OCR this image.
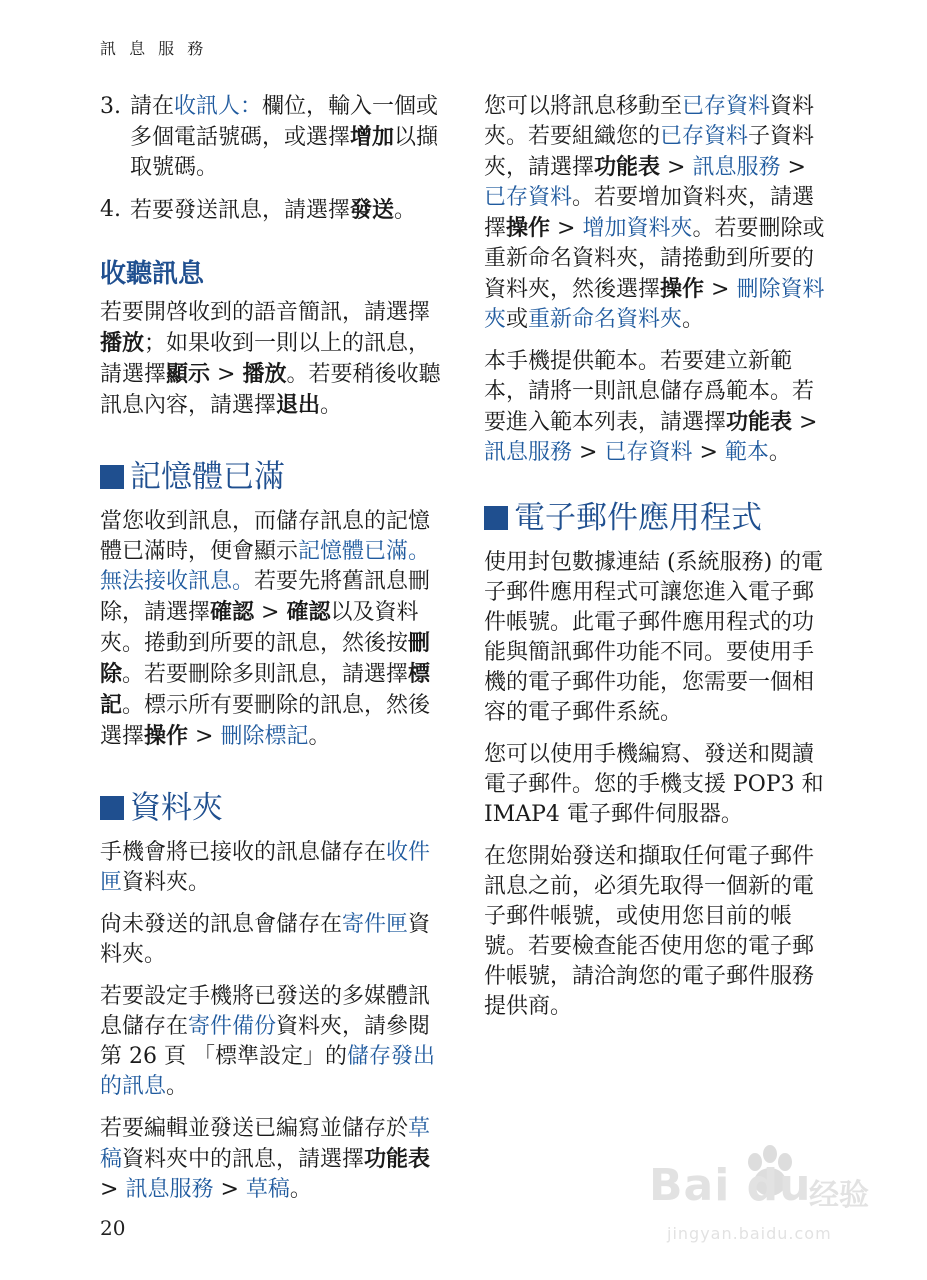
訊 息 服 務
3. 請在收訊人：欄位，輸入一個或多個電話號碼，或選擇增加以擷取號碼。
4. 若要發送訊息，請選擇發送。
收聽訊息

若要開啓收到的語音簡訊，請選擇播放；如果收到一則以上的訊息，請選擇顯示 > 播放。若要稍後收聽訊息內容，請選擇退出。

記憶體已滿

當您收到訊息，而儲存訊息的記憶體已滿時，便會顯示記憶體已滿。無法接收訊息。若要先將舊訊息刪除，請選擇確認 > 確認以及資料夾。捲動到所要的訊息，然後按刪除。若要刪除多則訊息，請選擇標記。標示所有要刪除的訊息，然後選擇操作 > 刪除標記。

資料夾

手機會將已接收的訊息儲存在收件匣資料夾。

尙未發送的訊息會儲存在寄件匣資料夾。

若要設定手機將已發送的多媒體訊息儲存在寄件備份資料夾，請參閱第 26 頁 「標準設定」的儲存發出的訊息。

若要編輯並發送已編寫並儲存於草稿資料夾中的訊息，請選擇功能表 > 訊息服務 > 草稿。

您可以將訊息移動至已存資料資料夾。若要組織您的已存資料子資料夾，請選擇功能表 > 訊息服務 > 已存資料。若要增加資料夾，請選擇操作 > 增加資料夾。若要刪除或重新命名資料夾，請捲動到所要的資料夾，然後選擇操作 > 刪除資料夾或重新命名資料夾。

本手機提供範本。若要建立新範本，請將一則訊息儲存爲範本。若要進入範本列表，請選擇功能表 > 訊息服務 > 已存資料 > 範本。

電子郵件應用程式

使用封包數據連結 (系統服務) 的電子郵件應用程式可讓您進入電子郵件帳號。此電子郵件應用程式的功能與簡訊郵件功能不同。要使用手機的電子郵件功能，您需要一個相容的電子郵件系統。

您可以使用手機編寫、發送和閱讀電子郵件。您的手機支援 POP3 和 IMAP4 電子郵件伺服器。

在您開始發送和擷取任何電子郵件訊息之前，必須先取得一個新的電子郵件帳號，或使用您目前的帳號。若要檢查能否使用您的電子郵件帳號，請洽詢您的電子郵件服務提供商。

20
Bai du
经验
jingyan.baidu.com
